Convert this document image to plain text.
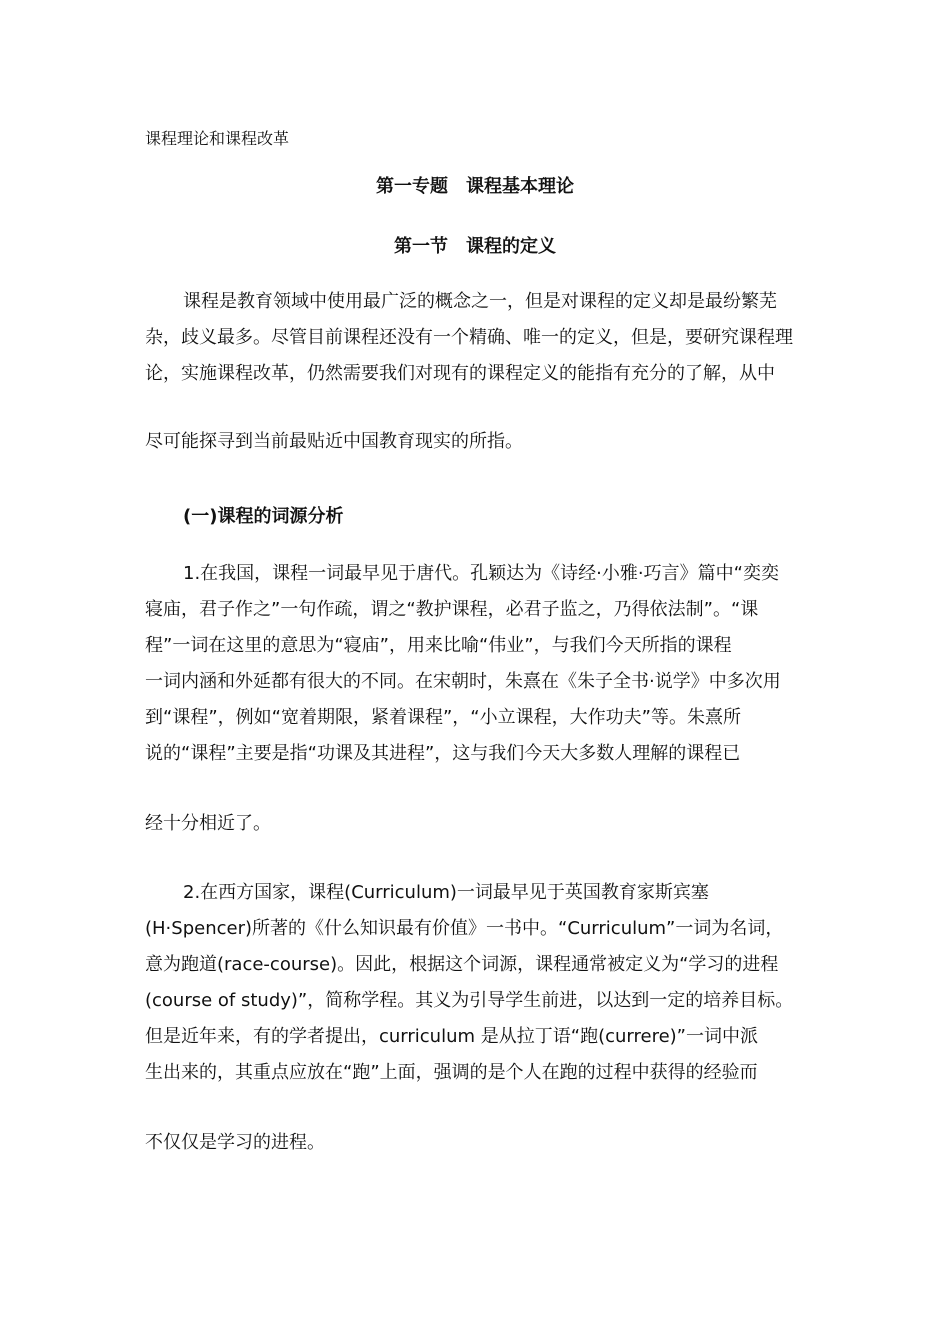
课程理论和课程改革
第一专题　课程基本理论
第一节　课程的定义
课程是教育领域中使用最广泛的概念之一，但是对课程的定义却是最纷繁芜
杂，歧义最多。尽管目前课程还没有一个精确、唯一的定义，但是，要研究课程理
论，实施课程改革，仍然需要我们对现有的课程定义的能指有充分的了解，从中
尽可能探寻到当前最贴近中国教育现实的所指。
(一)课程的词源分析
1.在我国，课程一词最早见于唐代。孔颖达为《诗经·小雅·巧言》篇中“奕奕
寝庙，君子作之”一句作疏，谓之“教护课程，必君子监之，乃得依法制”。“课
程”一词在这里的意思为“寝庙”，用来比喻“伟业”，与我们今天所指的课程
一词内涵和外延都有很大的不同。在宋朝时，朱熹在《朱子全书·说学》中多次用
到“课程”，例如“宽着期限，紧着课程”，“小立课程，大作功夫”等。朱熹所
说的“课程”主要是指“功课及其进程”，这与我们今天大多数人理解的课程已
经十分相近了。
2.在西方国家，课程(Curriculum)一词最早见于英国教育家斯宾塞
(H·Spencer)所著的《什么知识最有价值》一书中。“Curriculum”一词为名词，
意为跑道(race-course)。因此，根据这个词源，课程通常被定义为“学习的进程
(course of study)”，简称学程。其义为引导学生前进，以达到一定的培养目标。
但是近年来，有的学者提出，curriculum 是从拉丁语“跑(currere)”一词中派
生出来的，其重点应放在“跑”上面，强调的是个人在跑的过程中获得的经验而
不仅仅是学习的进程。
